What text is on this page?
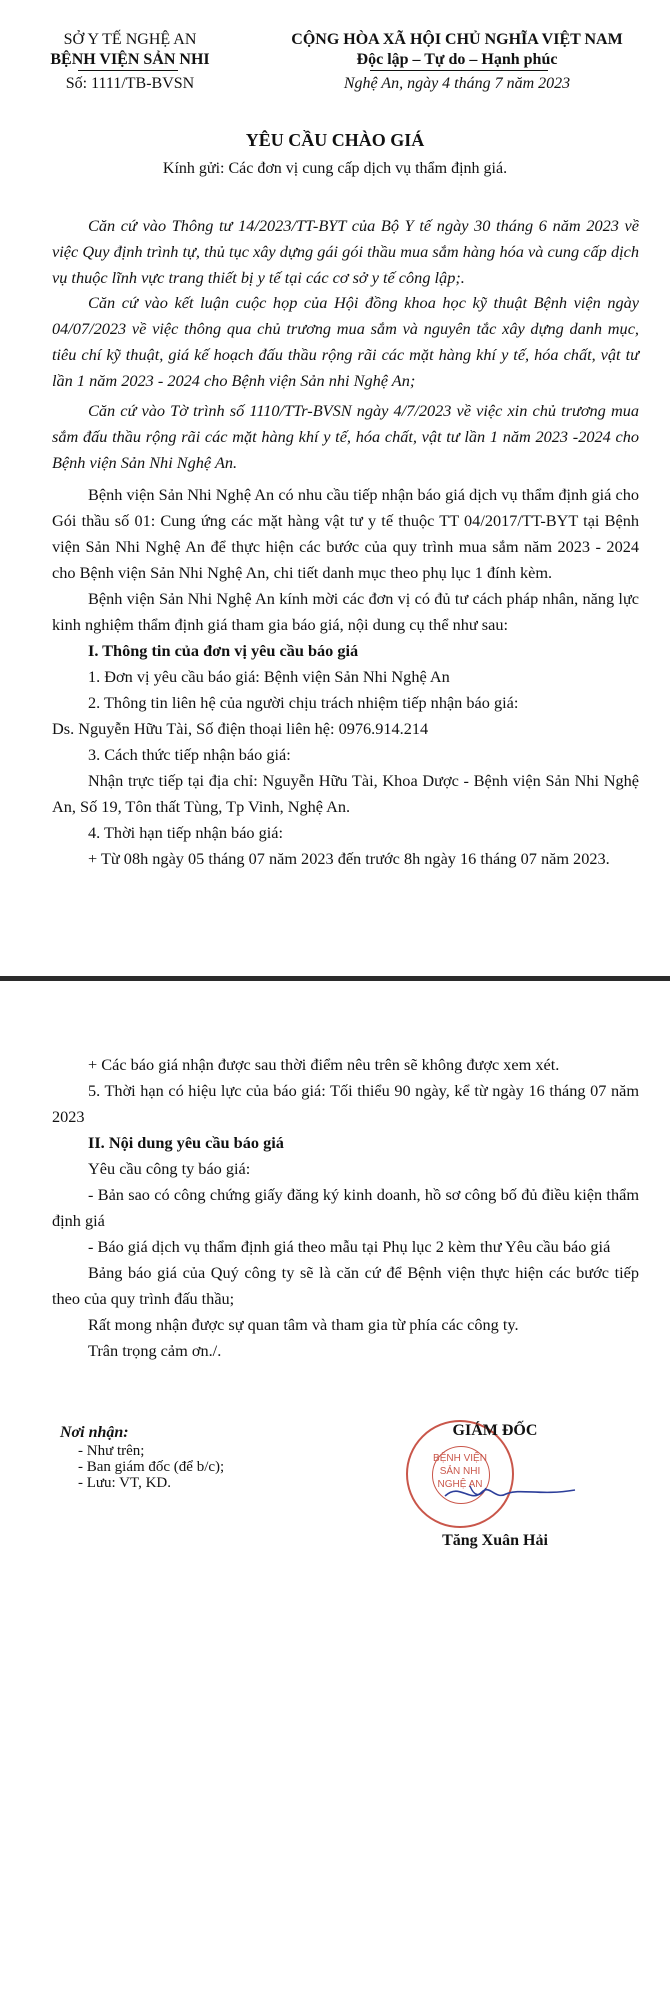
SỞ Y TẾ NGHỆ AN
BỆNH VIỆN SẢN NHI
Số: 1111/TB-BVSN
CỘNG HÒA XÃ HỘI CHỦ NGHĨA VIỆT NAM
Độc lập – Tự do – Hạnh phúc
Nghệ An, ngày 4 tháng 7 năm 2023
YÊU CẦU CHÀO GIÁ
Kính gửi: Các đơn vị cung cấp dịch vụ thẩm định giá.

Căn cứ vào Thông tư 14/2023/TT-BYT của Bộ Y tế ngày 30 tháng 6 năm 2023 về việc Quy định trình tự, thủ tục xây dựng gái gói thầu mua sắm hàng hóa và cung cấp dịch vụ thuộc lĩnh vực trang thiết bị y tế tại các cơ sở y tế công lập;.

Căn cứ vào kết luận cuộc họp của Hội đồng khoa học kỹ thuật Bệnh viện ngày 04/07/2023 về việc thông qua chủ trương mua sắm và nguyên tắc xây dựng danh mục, tiêu chí kỹ thuật, giá kế hoạch đấu thầu rộng rãi các mặt hàng khí y tế, hóa chất, vật tư lần 1 năm 2023 - 2024 cho Bệnh viện Sản nhi Nghệ An;

Căn cứ vào Tờ trình số 1110/TTr-BVSN ngày 4/7/2023 về việc xin chủ trương mua sắm đấu thầu rộng rãi các mặt hàng khí y tế, hóa chất, vật tư lần 1 năm 2023 -2024 cho Bệnh viện Sản Nhi Nghệ An.

Bệnh viện Sản Nhi Nghệ An có nhu cầu tiếp nhận báo giá dịch vụ thẩm định giá cho Gói thầu số 01: Cung ứng các mặt hàng vật tư y tế thuộc TT 04/2017/TT-BYT tại Bệnh viện Sản Nhi Nghệ An để thực hiện các bước của quy trình mua sắm năm 2023 - 2024 cho Bệnh viện Sản Nhi Nghệ An, chi tiết danh mục theo phụ lục 1 đính kèm.

Bệnh viện Sản Nhi Nghệ An kính mời các đơn vị có đủ tư cách pháp nhân, năng lực kinh nghiệm thẩm định giá tham gia báo giá, nội dung cụ thể như sau:

I. Thông tin của đơn vị yêu cầu báo giá

1. Đơn vị yêu cầu báo giá: Bệnh viện Sản Nhi Nghệ An

2. Thông tin liên hệ của người chịu trách nhiệm tiếp nhận báo giá:

Ds. Nguyễn Hữu Tài, Số điện thoại liên hệ: 0976.914.214

3. Cách thức tiếp nhận báo giá:

Nhận trực tiếp tại địa chỉ: Nguyễn Hữu Tài, Khoa Dược - Bệnh viện Sản Nhi Nghệ An, Số 19, Tôn thất Tùng, Tp Vinh, Nghệ An.

4. Thời hạn tiếp nhận báo giá:

+ Từ 08h ngày 05 tháng 07 năm 2023 đến trước 8h ngày 16 tháng 07 năm 2023.

+ Các báo giá nhận được sau thời điểm nêu trên sẽ không được xem xét.

5. Thời hạn có hiệu lực của báo giá: Tối thiểu 90 ngày, kể từ ngày 16 tháng 07 năm 2023

II. Nội dung yêu cầu báo giá

Yêu cầu công ty báo giá:

- Bản sao có công chứng giấy đăng ký kinh doanh, hồ sơ công bố đủ điều kiện thẩm định giá

- Báo giá dịch vụ thẩm định giá theo mẫu tại Phụ lục 2 kèm thư Yêu cầu báo giá

Bảng báo giá của Quý công ty sẽ là căn cứ để Bệnh viện thực hiện các bước tiếp theo của quy trình đấu thầu;

Rất mong nhận được sự quan tâm và tham gia từ phía các công ty.

Trân trọng cảm ơn./.

Nơi nhận:
- Như trên;
- Ban giám đốc (để b/c);
- Lưu: VT, KD.
BỆNH VIỆN
SẢN NHI
NGHỆ AN
GIÁM ĐỐC
Tăng Xuân Hải
